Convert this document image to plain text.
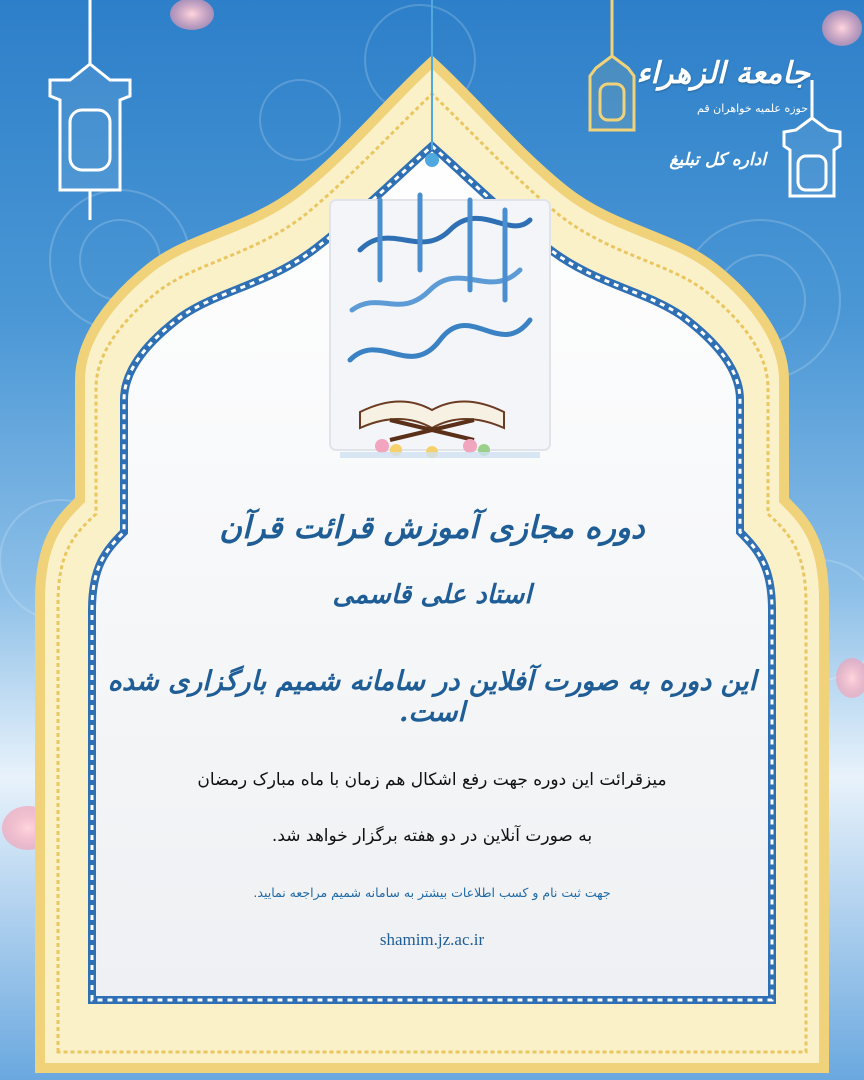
جامعة الزهراء
حوزه علمیه خواهران قم
اداره کل تبلیغ

دوره مجازی آموزش قرائت قرآن

استاد علی قاسمی

این دوره به صورت آفلاین در سامانه شمیم بارگزاری شده است.

میزقرائت این دوره جهت رفع اشکال هم زمان با ماه مبارک رمضان

به صورت آنلاین در دو هفته برگزار خواهد شد.

جهت ثبت نام و کسب اطلاعات بیشتر به سامانه شمیم مراجعه نمایید.

shamim.jz.ac.ir
